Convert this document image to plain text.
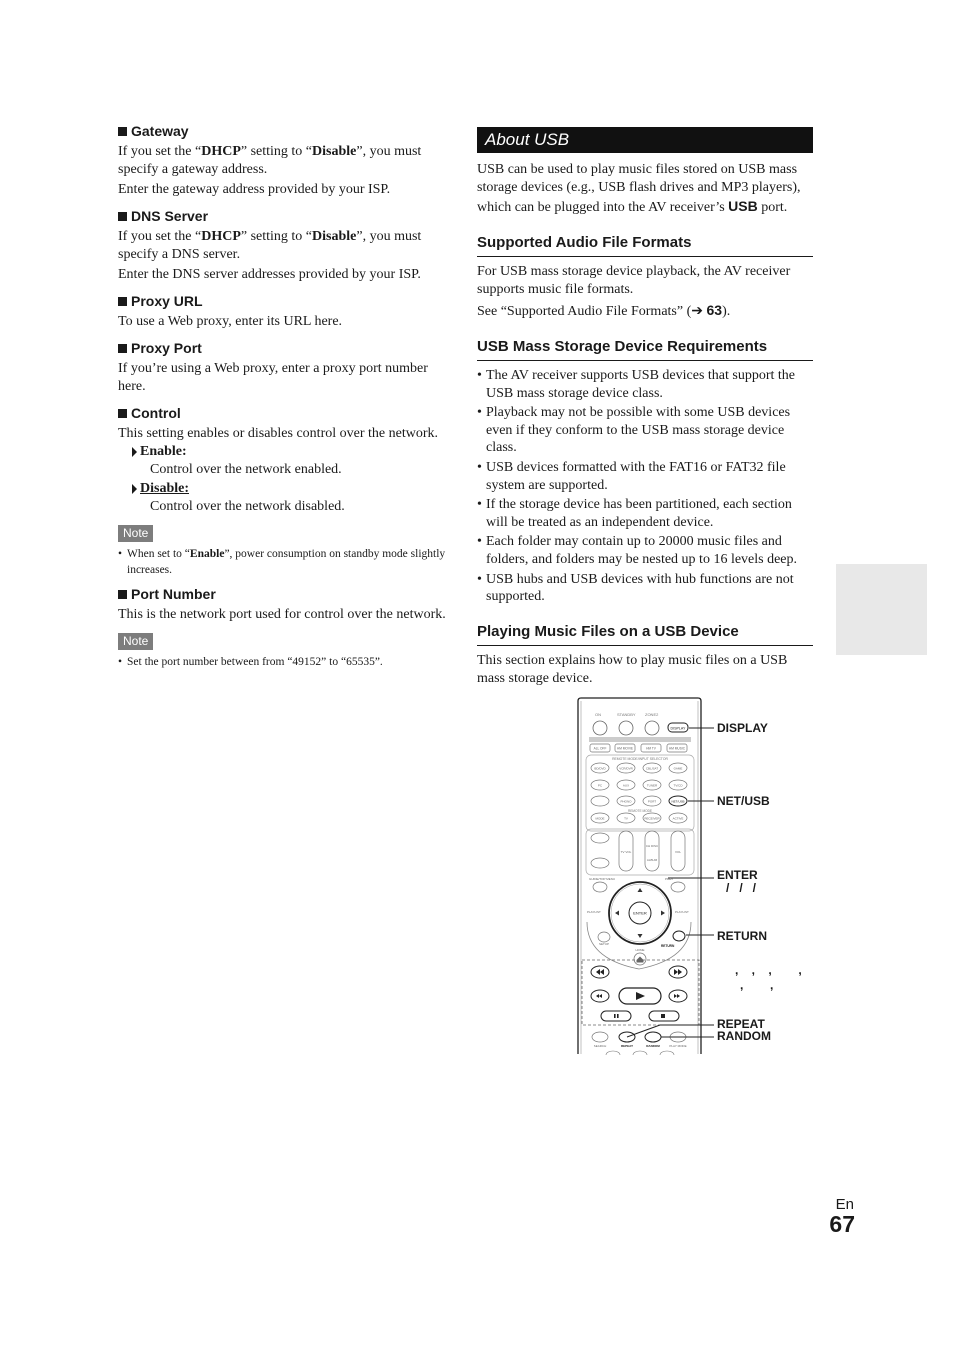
Gateway

If you set the “DHCP” setting to “Disable”, you must specify a gateway address.

Enter the gateway address provided by your ISP.

DNS Server

If you set the “DHCP” setting to “Disable”, you must specify a DNS server.

Enter the DNS server addresses provided by your ISP.

Proxy URL

To use a Web proxy, enter its URL here.

Proxy Port

If you’re using a Web proxy, enter a proxy port number here.

Control

This setting enables or disables control over the network.

Enable:
Control over the network enabled.
Disable:
Control over the network disabled.
Note
• When set to “Enable”, power consumption on standby mode slightly increases.
Port Number

This is the network port used for control over the network.

Note
• Set the port number between from “49152” to “65535”.
About USB

USB can be used to play music files stored on USB mass storage devices (e.g., USB flash drives and MP3 players), which can be plugged into the AV receiver’s USB port.

Supported Audio File Formats

For USB mass storage device playback, the AV receiver supports music file formats.

See “Supported Audio File Formats” (➔ 63).

USB Mass Storage Device Requirements
• The AV receiver supports USB devices that support the USB mass storage device class.
• Playback may not be possible with some USB devices even if they conform to the USB mass storage device class.
• USB devices formatted with the FAT16 or FAT32 file system are supported.
• If the storage device has been partitioned, each section will be treated as an independent device.
• Each folder may contain up to 20000 music files and folders, and folders may be nested up to 16 levels deep.
• USB hubs and USB devices with hub functions are not supported.
Playing Music Files on a USB Device

This section explains how to play music files on a USB mass storage device.

ON	STANDBY ZONE2
DISPLAY
ALL OFF	HM MOVIE	HM TV	HM MUSIC
REMOTE MODE/INPUT SELECTOR
BD/DVD	VCR/DVR	CBL/SAT	GAME
PC	AUX	TUNER	TV/CD
PHONO	PORT	NET/USB
REMOTE MODE
MODE	TV	RECEIVER	ACTIVE
TV VOL
CH DISC
ALBUM
VOL
GUIDE/TOP MENU	PREV
PLAYLIST	PLAYLIST
ENTER
SETUP	RETURN
HOME
SEARCH	REPEAT	RANDOM	PLAY MODE
DISPLAY
NET/USB
ENTER
/   /   /
RETURN
,    ,    ,        ,
,        ,
REPEAT
RANDOM
En
67
